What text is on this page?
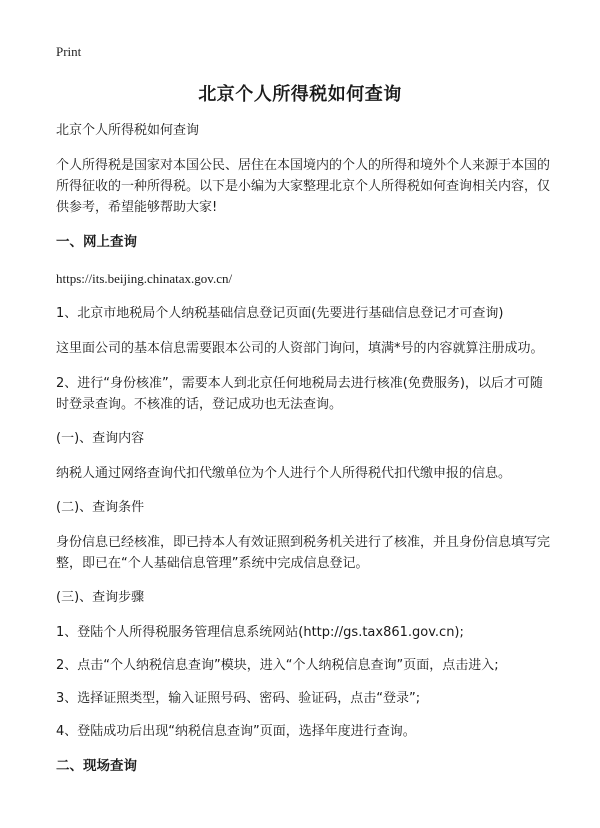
Print
北京个人所得税如何查询

北京个人所得税如何查询

个人所得税是国家对本国公民、居住在本国境内的个人的所得和境外个人来源于本国的所得征收的一种所得税。以下是小编为大家整理北京个人所得税如何查询相关内容，仅供参考，希望能够帮助大家!

一、网上查询

https://its.beijing.chinatax.gov.cn/

1、北京市地税局个人纳税基础信息登记页面(先要进行基础信息登记才可查询)

这里面公司的基本信息需要跟本公司的人资部门询问，填满*号的内容就算注册成功。

2、进行“身份核准”，需要本人到北京任何地税局去进行核准(免费服务)，以后才可随时登录查询。不核准的话，登记成功也无法查询。

(一)、查询内容

纳税人通过网络查询代扣代缴单位为个人进行个人所得税代扣代缴申报的信息。

(二)、查询条件

身份信息已经核准，即已持本人有效证照到税务机关进行了核准，并且身份信息填写完整，即已在“个人基础信息管理”系统中完成信息登记。

(三)、查询步骤

1、登陆个人所得税服务管理信息系统网站(http://gs.tax861.gov.cn);

2、点击“个人纳税信息查询”模块，进入“个人纳税信息查询”页面，点击进入;

3、选择证照类型，输入证照号码、密码、验证码，点击“登录”;

4、登陆成功后出现“纳税信息查询”页面，选择年度进行查询。

二、现场查询
